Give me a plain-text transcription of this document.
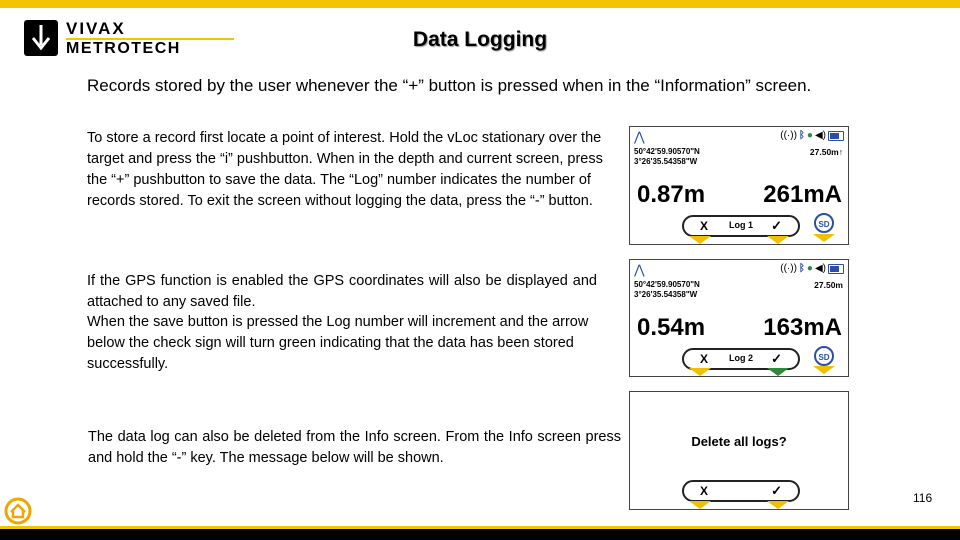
VIVAX
METROTECH	Data Logging
Records stored by the user whenever the “+” button is pressed when in the “Information” screen.
To store a record first locate a point of interest. Hold the vLoc stationary over the target and press the “i” pushbutton. When in the depth and current screen, press the “+” pushbutton to save the data. The “Log” number indicates the number of records stored. To exit the screen without logging the data, press the “-” button.
If the GPS function is enabled the GPS coordinates will also be displayed and attached to any saved file.
When the save button is pressed the Log number will increment and the arrow below the check sign will turn green indicating that the data has been stored successfully.
The data log can also be deleted from the Info screen. From the Info screen press and hold the “-” key. The message below will be shown.
⋀	((·)) ᛒ ● ◀)
50°42'59.90570"N
3°26'35.54358"W
27.50m↑
0.87m 261mA
X	Log 1	✓	SD
⋀	((·)) ᛒ ● ◀)
50°42'59.90570"N
3°26'35.54358"W
27.50m
0.54m 163mA
X	Log 2	✓	SD
Delete all logs?
X	✓	116
